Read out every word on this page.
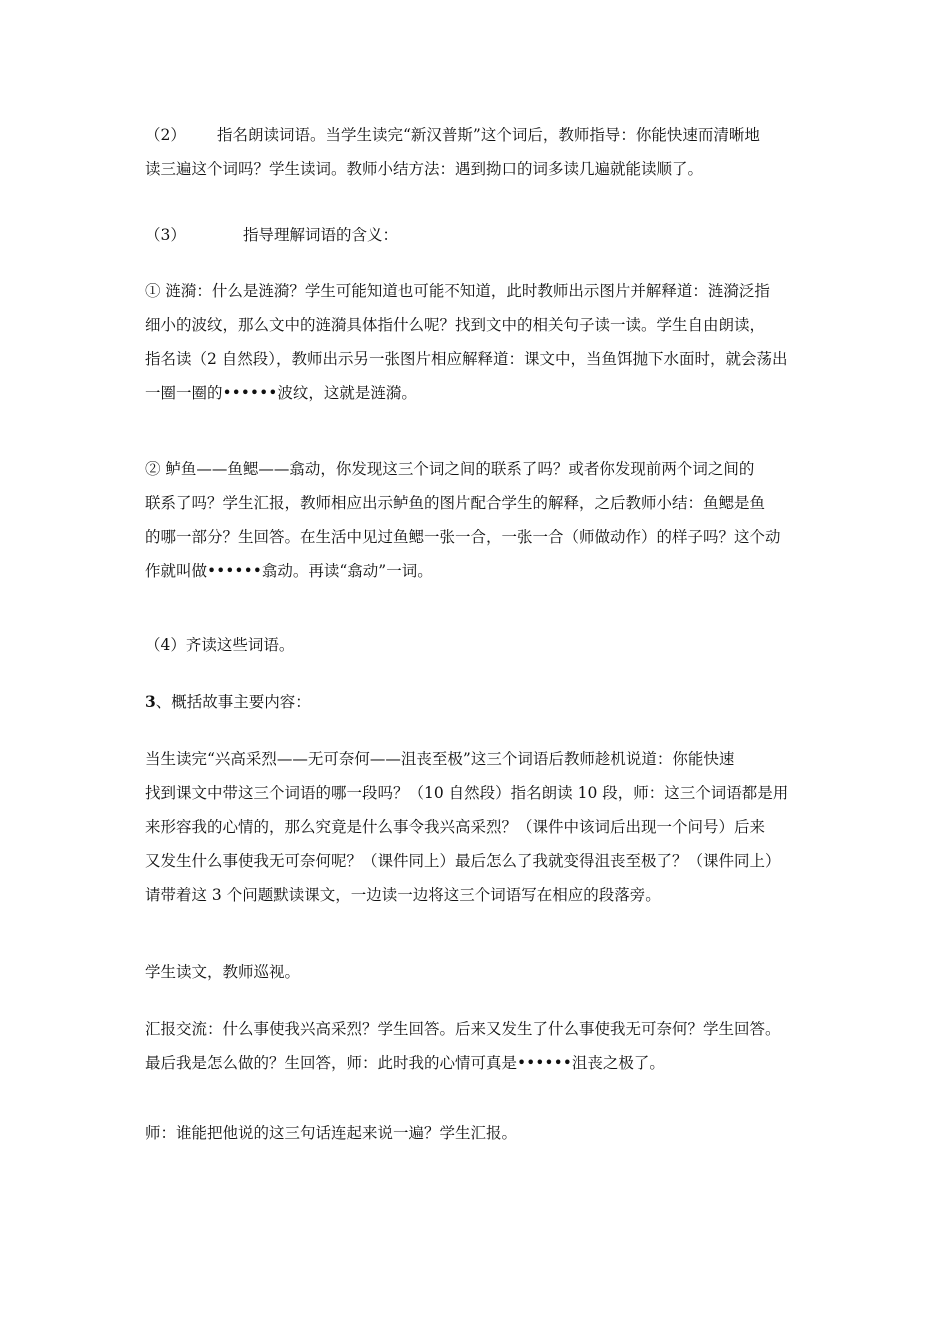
（2） 指名朗读词语。当学生读完“新汉普斯”这个词后，教师指导：你能快速而清晰地
读三遍这个词吗？学生读词。教师小结方法：遇到拗口的词多读几遍就能读顺了。
（3）	指导理解词语的含义：
① 涟漪：什么是涟漪？学生可能知道也可能不知道，此时教师出示图片并解释道：涟漪泛指
细小的波纹，那么文中的涟漪具体指什么呢？找到文中的相关句子读一读。学生自由朗读，
指名读（2 自然段），教师出示另一张图片相应解释道：课文中，当鱼饵抛下水面时，就会荡出
一圈一圈的••••••波纹，这就是涟漪。
② 鲈鱼——鱼鳃——翕动，你发现这三个词之间的联系了吗？或者你发现前两个词之间的
联系了吗？学生汇报，教师相应出示鲈鱼的图片配合学生的解释，之后教师小结：鱼鳃是鱼
的哪一部分？生回答。在生活中见过鱼鳃一张一合，一张一合（师做动作）的样子吗？这个动
作就叫做••••••翕动。再读“翕动”一词。
（4）齐读这些词语。
3、概括故事主要内容：
当生读完“兴高采烈——无可奈何——沮丧至极”这三个词语后教师趁机说道：你能快速
找到课文中带这三个词语的哪一段吗？（10 自然段）指名朗读 10 段，师：这三个词语都是用
来形容我的心情的，那么究竟是什么事令我兴高采烈？（课件中该词后出现一个问号）后来
又发生什么事使我无可奈何呢？（课件同上）最后怎么了我就变得沮丧至极了？（课件同上）
请带着这 3 个问题默读课文，一边读一边将这三个词语写在相应的段落旁。
学生读文，教师巡视。
汇报交流：什么事使我兴高采烈？学生回答。后来又发生了什么事使我无可奈何？学生回答。
最后我是怎么做的？生回答，师：此时我的心情可真是••••••沮丧之极了。
师：谁能把他说的这三句话连起来说一遍？学生汇报。
